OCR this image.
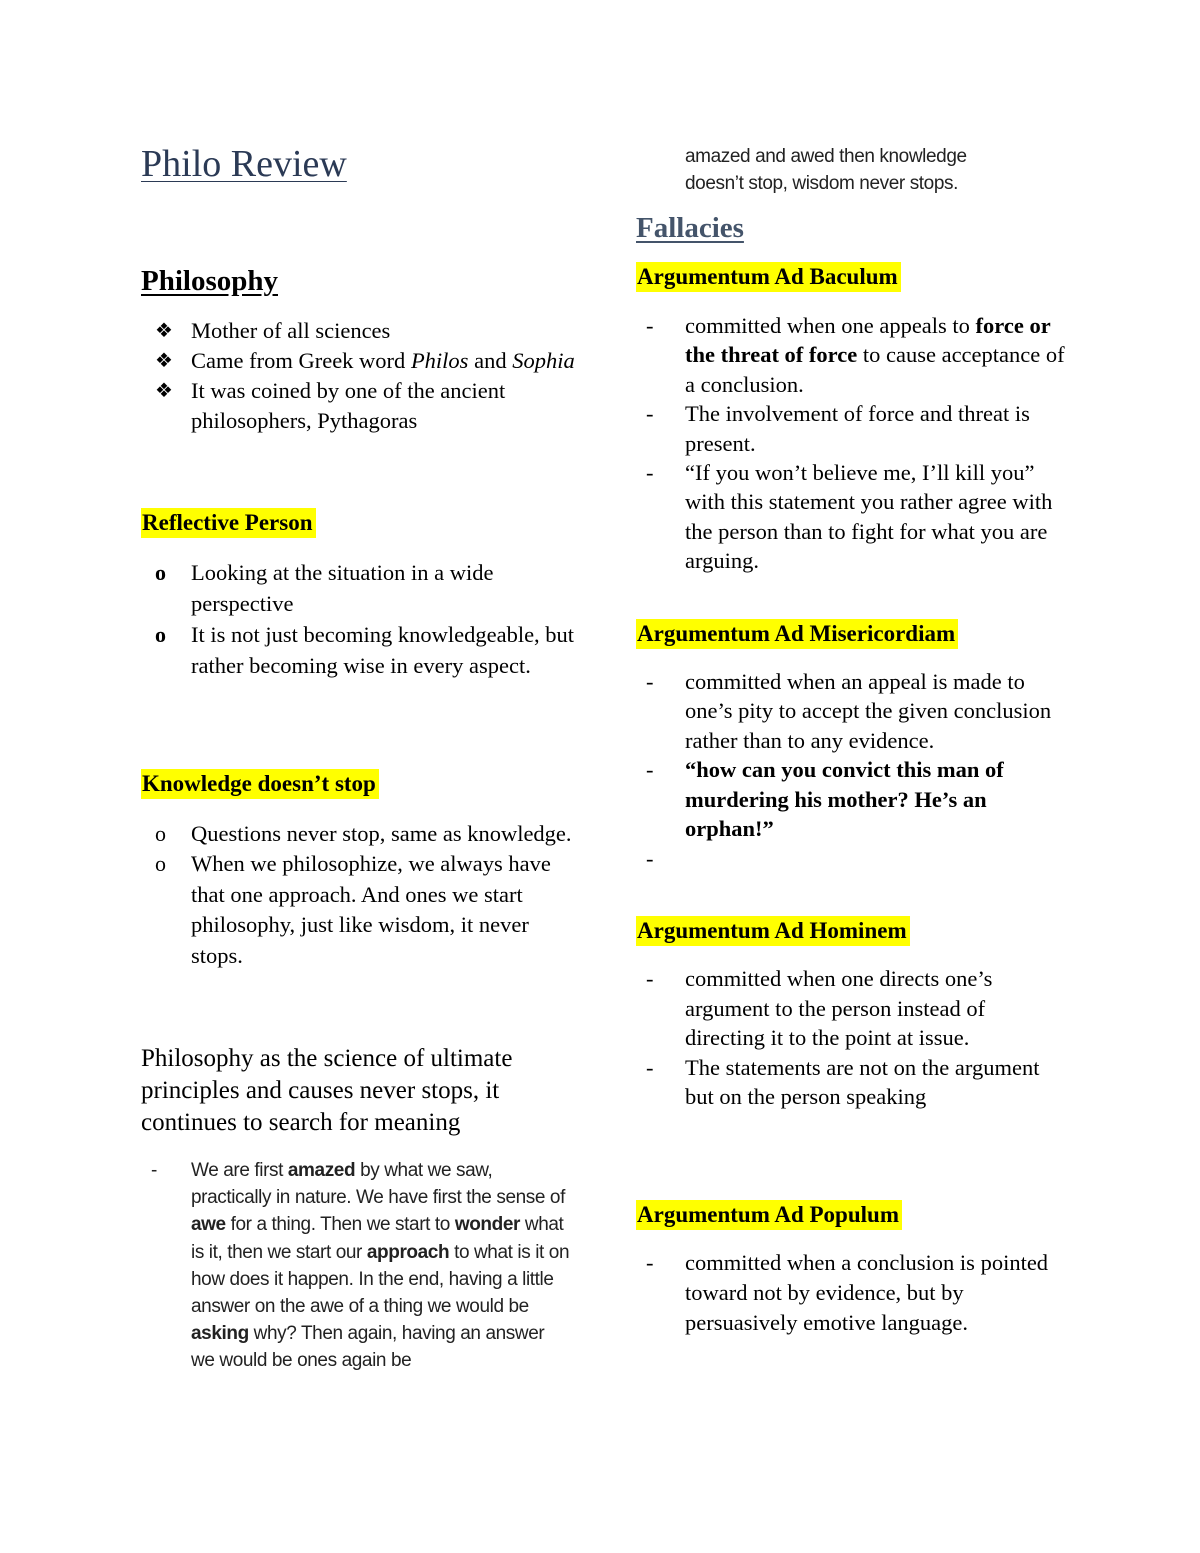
Philo Review
Philosophy
❖ Mother of all sciences
❖ Came from Greek word Philos and Sophia
❖ It was coined by one of the ancient philosophers, Pythagoras
Reflective Person
o	Looking at the situation in a wide perspective
o	It is not just becoming knowledgeable, but rather becoming wise in every aspect.
Knowledge doesn’t stop
o	Questions never stop, same as knowledge.
o	When we philosophize, we always have that one approach. And ones we start philosophy, just like wisdom, it never stops.
Philosophy as the science of ultimate principles and causes never stops, it continues to search for meaning
-	We are first amazed by what we saw, practically in nature. We have first the sense of awe for a thing. Then we start to wonder what is it, then we start our approach to what is it on how does it happen. In the end, having a little answer on the awe of a thing we would be asking why? Then again, having an answer we would be ones again be
amazed and awed then knowledge doesn’t stop, wisdom never stops.
Fallacies
Argumentum Ad Baculum
-	committed when one appeals to force or the threat of force to cause acceptance of a conclusion.
-	The involvement of force and threat is present.
-	“If you won’t believe me, I’ll kill you” with this statement you rather agree with the person than to fight for what you are arguing.
Argumentum Ad Misericordiam
-	committed when an appeal is made to one’s pity to accept the given conclusion rather than to any evidence.
-	“how can you convict this man of murdering his mother? He’s an orphan!”
-

Argumentum Ad Hominem
-	committed when one directs one’s argument to the person instead of directing it to the point at issue.
-	The statements are not on the argument but on the person speaking
Argumentum Ad Populum
-	committed when a conclusion is pointed toward not by evidence, but by persuasively emotive language.
